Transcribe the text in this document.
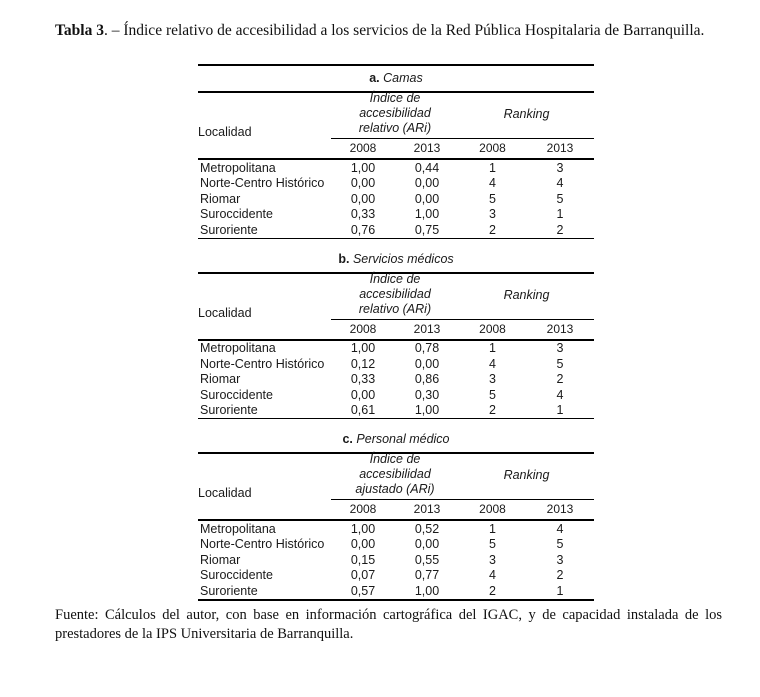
Tabla 3. – Índice relativo de accesibilidad a los servicios de la Red Pública Hospitalaria de Barranquilla.

a. Camas				
Localidad	Índice de
accesibilidad
relativo (ARi)		Ranking	

	2008	2013	2008	2013
Metropolitana	1,00	0,44	1	3
Norte-Centro Histórico	0,00	0,00	4	4
Riomar	0,00	0,00	5	5
Suroccidente	0,33	1,00	3	1
Suroriente	0,76	0,75	2	2
b. Servicios médicos				
Localidad	Índice de
accesibilidad
relativo (ARi)		Ranking	

	2008	2013	2008	2013
Metropolitana	1,00	0,78	1	3
Norte-Centro Histórico	0,12	0,00	4	5
Riomar	0,33	0,86	3	2
Suroccidente	0,00	0,30	5	4
Suroriente	0,61	1,00	2	1
c. Personal médico				
Localidad	Índice de
accesibilidad
ajustado (ARi)		Ranking	

	2008	2013	2008	2013
Metropolitana	1,00	0,52	1	4
Norte-Centro Histórico	0,00	0,00	5	5
Riomar	0,15	0,55	3	3
Suroccidente	0,07	0,77	4	2
Suroriente	0,57	1,00	2	1

Fuente: Cálculos del autor, con base en información cartográfica del IGAC, y de capacidad instalada de los prestadores de la IPS Universitaria de Barranquilla.
